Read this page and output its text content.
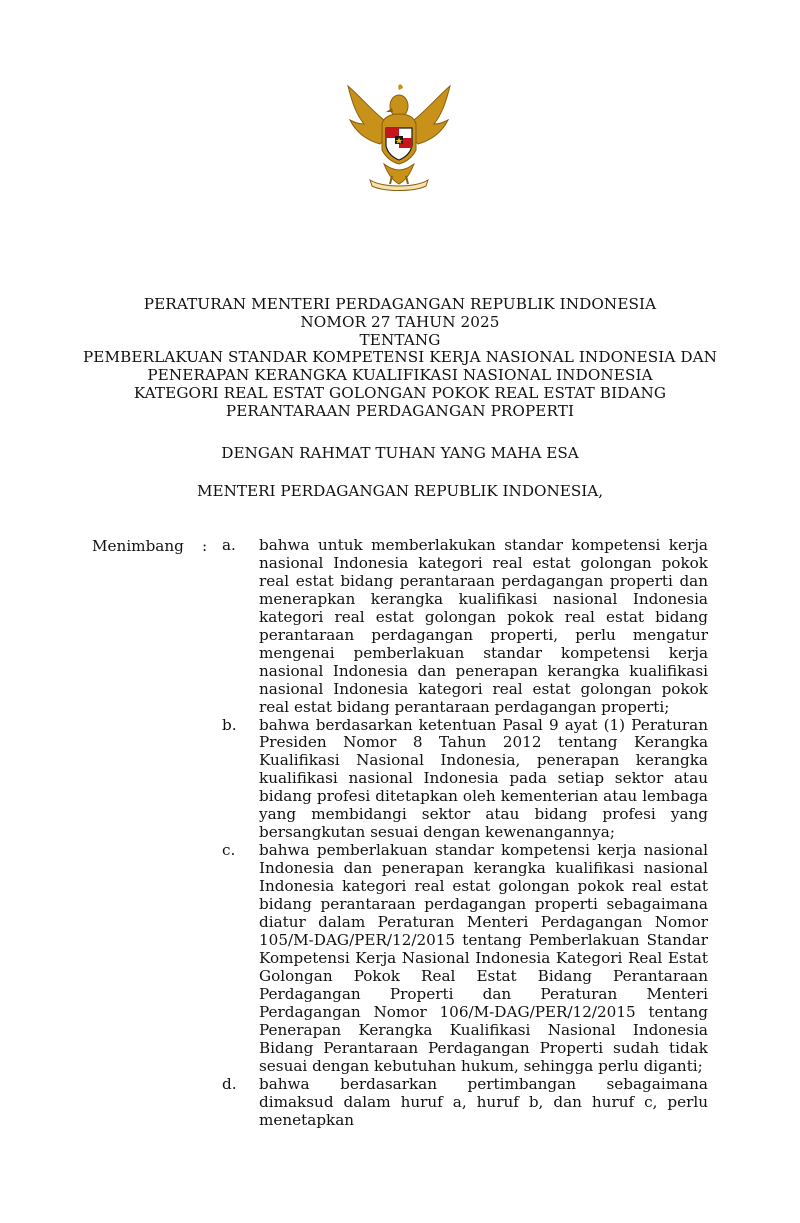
PERATURAN MENTERI PERDAGANGAN REPUBLIK INDONESIA
NOMOR 27 TAHUN 2025
TENTANG
PEMBERLAKUAN STANDAR KOMPETENSI KERJA NASIONAL INDONESIA DAN
PENERAPAN KERANGKA KUALIFIKASI NASIONAL INDONESIA
KATEGORI REAL ESTAT GOLONGAN POKOK REAL ESTAT BIDANG
PERANTARAAN PERDAGANGAN PROPERTI
DENGAN RAHMAT TUHAN YANG MAHA ESA
MENTERI PERDAGANGAN REPUBLIK INDONESIA,
Menimbang : a.	bahwa untuk memberlakukan standar kompetensi kerja nasional Indonesia kategori real estat golongan pokok real estat bidang perantaraan perdagangan properti dan menerapkan kerangka kualifikasi nasional Indonesia kategori real estat golongan pokok real estat bidang perantaraan perdagangan properti, perlu mengatur mengenai pemberlakuan standar kompetensi kerja nasional Indonesia dan penerapan kerangka kualifikasi nasional Indonesia kategori real estat golongan pokok real estat bidang perantaraan perdagangan properti;
b.	bahwa berdasarkan ketentuan Pasal 9 ayat (1) Peraturan Presiden Nomor 8 Tahun 2012 tentang Kerangka Kualifikasi Nasional Indonesia, penerapan kerangka kualifikasi nasional Indonesia pada setiap sektor atau bidang profesi ditetapkan oleh kementerian atau lembaga yang membidangi sektor atau bidang profesi yang bersangkutan sesuai dengan kewenangannya;
c.	bahwa pemberlakuan standar kompetensi kerja nasional Indonesia dan penerapan kerangka kualifikasi nasional Indonesia kategori real estat golongan pokok real estat bidang perantaraan perdagangan properti sebagaimana diatur dalam Peraturan Menteri Perdagangan Nomor 105/M-DAG/PER/12/2015 tentang Pemberlakuan Standar Kompetensi Kerja Nasional Indonesia Kategori Real Estat Golongan Pokok Real Estat Bidang Perantaraan Perdagangan Properti dan Peraturan Menteri Perdagangan Nomor 106/M-DAG/PER/12/2015 tentang Penerapan Kerangka Kualifikasi Nasional Indonesia Bidang Perantaraan Perdagangan Properti sudah tidak sesuai dengan kebutuhan hukum, sehingga perlu diganti;
d.	bahwa berdasarkan pertimbangan sebagaimana dimaksud dalam huruf a, huruf b, dan huruf c, perlu menetapkan
